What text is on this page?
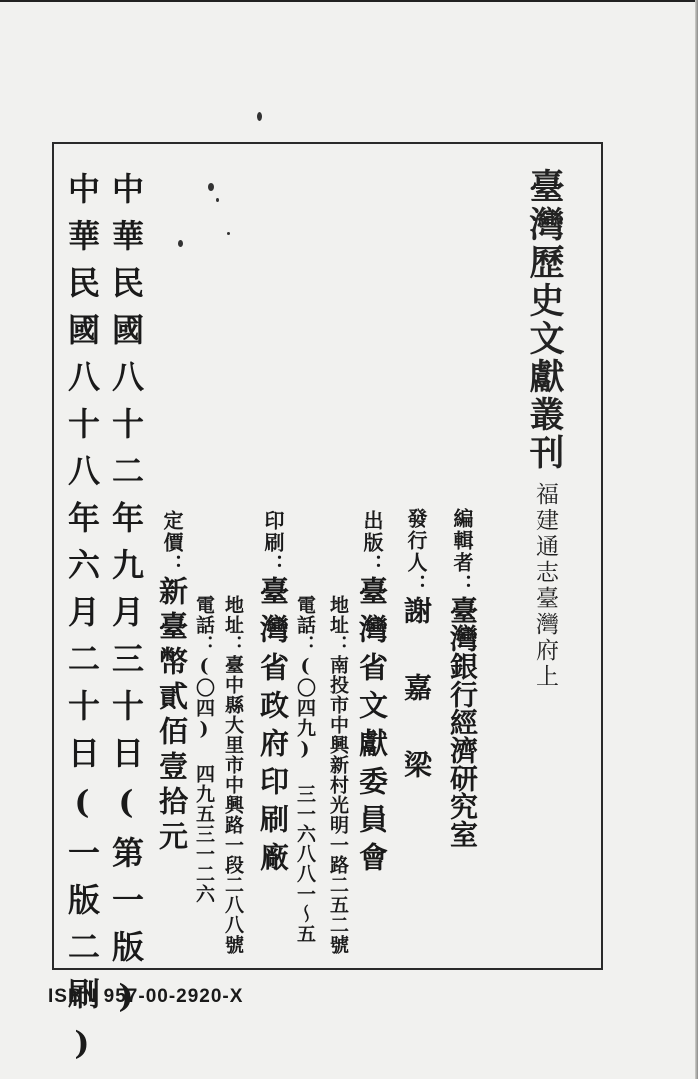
臺灣歷史文獻叢刊
福建通志臺灣府上
編輯者：臺灣銀行經濟研究室
發行人：謝 嘉 梁
出版：臺灣省文獻委員會
地址：南投市中興新村光明一路二五二號
電話：(〇四九) 三一六八八一～五
印刷：臺灣省政府印刷廠
地址：臺中縣大里市中興路一段二八八號
電話：(〇四) 四九五三一二六
定價：新臺幣貳佰壹拾元
中華民國八十二年九月三十日(第一版)
中華民國八十八年六月二十日(一版二刷)
ISBN 957-00-2920-X
